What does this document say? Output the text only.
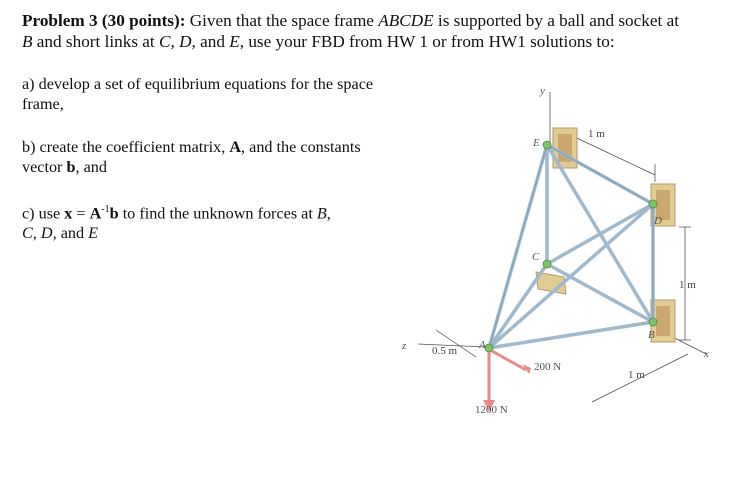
Problem 3 (30 points): Given that the space frame ABCDE is supported by a ball and socket at
B and short links at C, D, and E, use your FBD from HW 1 or from HW1 solutions to:
a) develop a set of equilibrium equations for the space frame,
b) create the coefficient matrix, A, and the constants vector b, and
c) use $x = A^{-1}b$ to find the unknown forces at B,
C, D, and E
y
x
z
1 m
1 m
1 m
0.5 m
E
D
C
B
A
200 N
1200 N
